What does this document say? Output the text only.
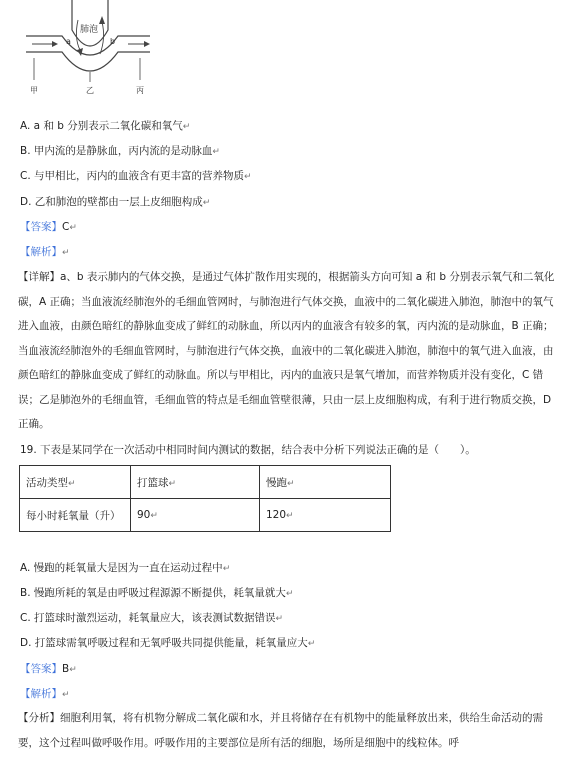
肺泡
a	b
甲	乙	丙
A. a 和 b 分别表示二氧化碳和氧气↵
B. 甲内流的是静脉血，丙内流的是动脉血↵
C. 与甲相比，丙内的血液含有更丰富的营养物质↵
D. 乙和肺泡的壁都由一层上皮细胞构成↵
【答案】C↵
【解析】↵
【详解】a、b 表示肺内的气体交换，是通过气体扩散作用实现的，根据箭头方向可知 a 和 b 分别表示氧气和二氧化碳，A 正确；当血液流经肺泡外的毛细血管网时，与肺泡进行气体交换，血液中的二氧化碳进入肺泡，肺泡中的氧气进入血液，由颜色暗红的静脉血变成了鲜红的动脉血，所以丙内的血液含有较多的氧，丙内流的是动脉血，B 正确；当血液流经肺泡外的毛细血管网时，与肺泡进行气体交换，血液中的二氧化碳进入肺泡，肺泡中的氧气进入血液，由颜色暗红的静脉血变成了鲜红的动脉血。所以与甲相比，丙内的血液只是氧气增加，而营养物质并没有变化，C 错误；乙是肺泡外的毛细血管，毛细血管的特点是毛细血管壁很薄，只由一层上皮细胞构成，有利于进行物质交换，D 正确。
19. 下表是某同学在一次活动中相同时间内测试的数据，结合表中分析下列说法正确的是（　　）。
活动类型↵	打篮球↵	慢跑↵
每小时耗氧量（升）	90↵	120↵
A. 慢跑的耗氧量大是因为一直在运动过程中↵
B. 慢跑所耗的氧是由呼吸过程源源不断提供，耗氧量就大↵
C. 打篮球时激烈运动，耗氧量应大，该表测试数据错误↵
D. 打篮球需氧呼吸过程和无氧呼吸共同提供能量，耗氧量应大↵
【答案】B↵
【解析】↵
【分析】细胞利用氧，将有机物分解成二氧化碳和水，并且将储存在有机物中的能量释放出来，供给生命活动的需要，这个过程叫做呼吸作用。呼吸作用的主要部位是所有活的细胞，场所是细胞中的线粒体。呼
